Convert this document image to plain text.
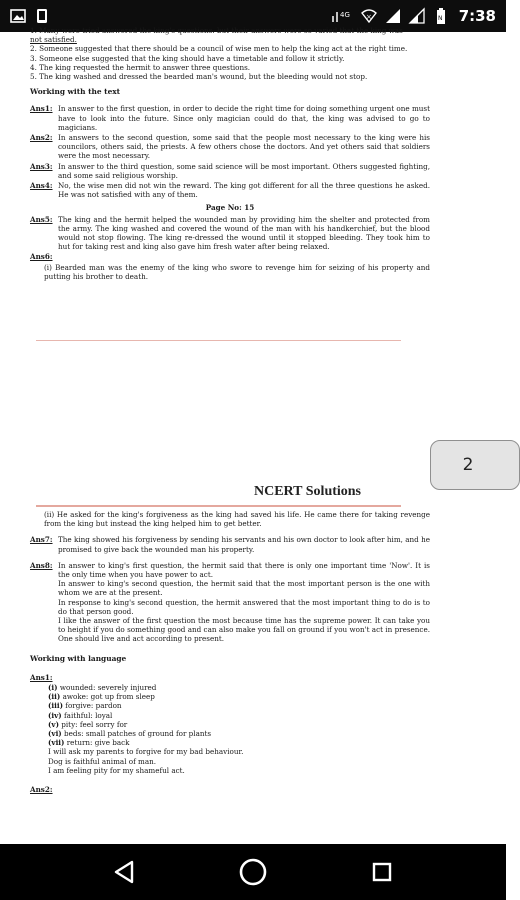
4G ×	N 7:38
1. Many were tried answered the king's questions. but their answers were so varied that the king was
not satisfied.
2. Someone suggested that there should be a council of wise men to help the king act at the right time.
3. Someone else suggested that the king should have a timetable and follow it strictly.
4. The king requested the hermit to answer three questions.
5. The king washed and dressed the bearded man's wound, but the bleeding would not stop.
Working with the text
Ans1: In answer to the first question, in order to decide the right time for doing something urgent one must have to look into the future. Since only magician could do that, the king was advised to go to magicians.
Ans2: In answers to the second question, some said that the people most necessary to the king were his councilors, others said, the priests. A few others chose the doctors. And yet others said that soldiers were the most necessary.
Ans3: In answer to the third question, some said science will be most important. Others suggested fighting, and some said religious worship.
Ans4: No, the wise men did not win the reward. The king got different for all the three questions he asked. He was not satisfied with any of them.
Page No: 15
Ans5: The king and the hermit helped the wounded man by providing him the shelter and protected from the army. The king washed and covered the wound of the man with his handkerchief, but the blood would not stop flowing. The king re-dressed the wound until it stopped bleeding. They took him to hut for taking rest and king also gave him fresh water after being relaxed.
Ans6:
(i) Bearded man was the enemy of the king who swore to revenge him for seizing of his property and putting his brother to death.
NCERT Solutions
(ii) He asked for the king's forgiveness as the king had saved his life. He came there for taking revenge from the king but instead the king helped him to get better.
Ans7: The king showed his forgiveness by sending his servants and his own doctor to look after him, and he promised to give back the wounded man his property.
Ans8: In answer to king's first question, the hermit said that there is only one important time 'Now'. It is the only time when you have power to act.
In answer to king's second question, the hermit said that the most important person is the one with whom we are at the present.
In response to king's second question, the hermit answered that the most important thing to do is to do that person good.
I like the answer of the first question the most because time has the supreme power. It can take you to height if you do something good and can also make you fall on ground if you won't act in presence. One should live and act according to present.
Working with language
Ans1:
(i) wounded: severely injured
(ii) awoke: got up from sleep
(iii) forgive: pardon
(iv) faithful: loyal
(v) pity: feel sorry for
(vi) beds: small patches of ground for plants
(vii) return: give back
I will ask my parents to forgive for my bad behaviour.
Dog is faithful animal of man.
I am feeling pity for my shameful act.
Ans2:
2
